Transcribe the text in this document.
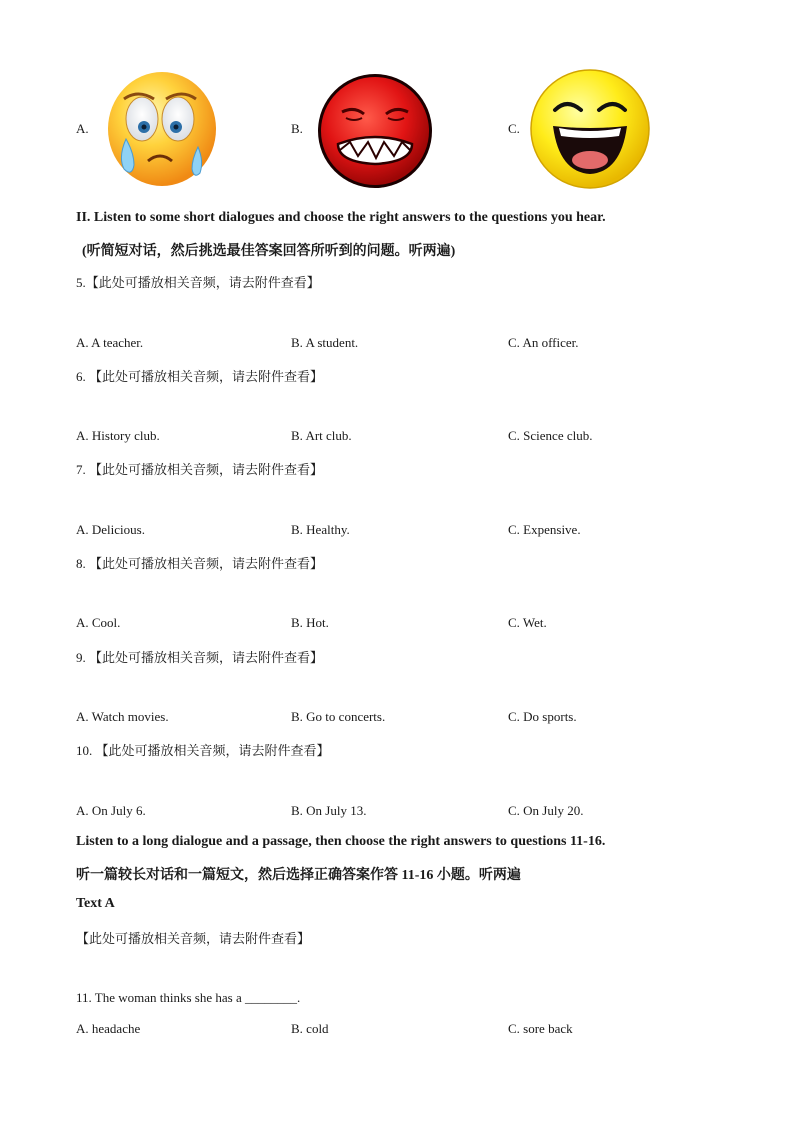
A.	B.	C.
II. Listen to some short dialogues and choose the right answers to the questions you hear.
(听简短对话，然后挑选最佳答案回答所听到的问题。听两遍)
5.【此处可播放相关音频，请去附件查看】
A. A teacher.	B. A student.	C. An officer.
6. 【此处可播放相关音频，请去附件查看】
A. History club.	B. Art club.	C. Science club.
7. 【此处可播放相关音频，请去附件查看】
A. Delicious.	B. Healthy.	C. Expensive.
8. 【此处可播放相关音频，请去附件查看】
A. Cool.	B. Hot.	C. Wet.
9. 【此处可播放相关音频，请去附件查看】
A. Watch movies.	B. Go to concerts.	C. Do sports.
10. 【此处可播放相关音频，请去附件查看】
A. On July 6.	B. On July 13.	C. On July 20.
Listen to a long dialogue and a passage, then choose the right answers to questions 11-16.
听一篇较长对话和一篇短文，然后选择正确答案作答 11-16 小题。听两遍
Text A
【此处可播放相关音频，请去附件查看】
11. The woman thinks she has a ________.
A. headache	B. cold	C. sore back
